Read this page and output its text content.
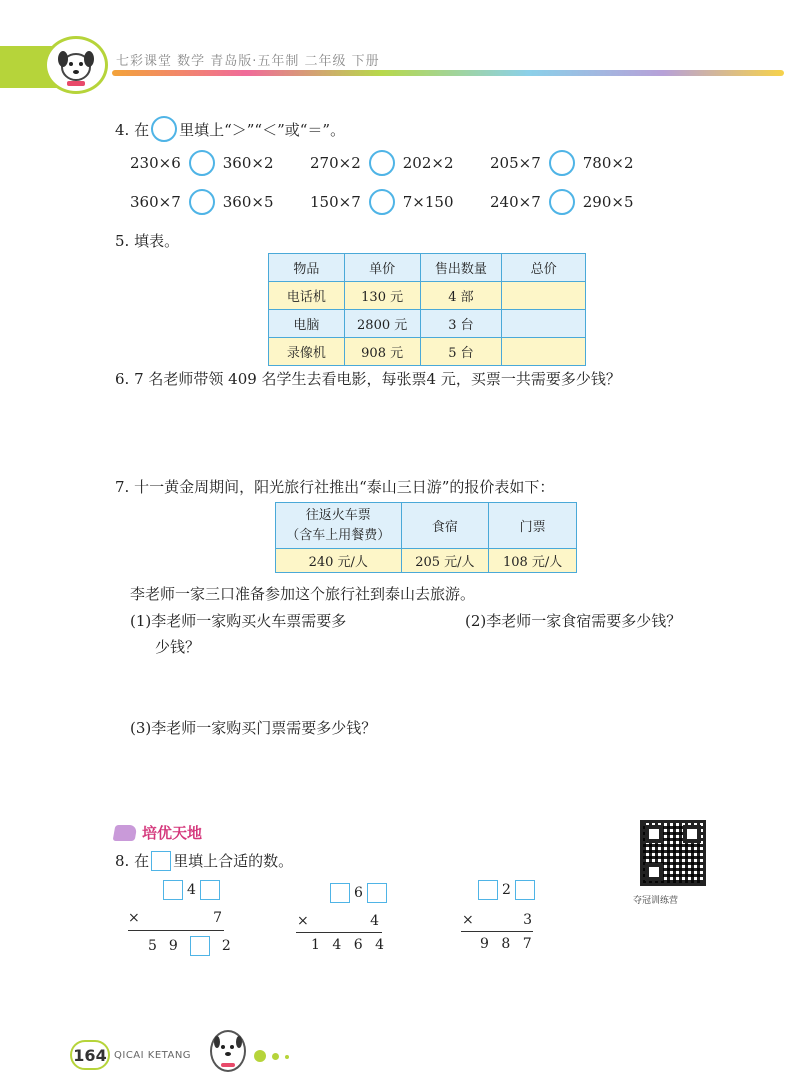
七彩课堂 数学 青岛版·五年制 二年级 下册
4. 在 里填上“＞”“＜”或“＝”。
230×6	360×2 270×2	202×2 205×7	780×2
360×7	360×5 150×7	7×150 240×7	290×5
5. 填表。
物品	单价	售出数量	总价
电话机	130 元	4 部	
电脑	2800 元	3 台	
录像机	908 元	5 台	
6. 7 名老师带领 409 名学生去看电影，每张票4 元，买票一共需要多少钱？
7. 十一黄金周期间，阳光旅行社推出“泰山三日游”的报价表如下：
往返火车票
（含车上用餐费）	食宿	门票
240 元/人	205 元/人	108 元/人
李老师一家三口准备参加这个旅行社到泰山去旅游。
(1)李老师一家购买火车票需要多
少钱？
(2)李老师一家食宿需要多少钱？
(3)李老师一家购买门票需要多少钱？
培优天地
8. 在 里填上合适的数。
4
×	7
5 9	2
6
×	4
1 4 6 4
2
×	3
9 8 7
夺冠训练营
164 QICAI KETANG
